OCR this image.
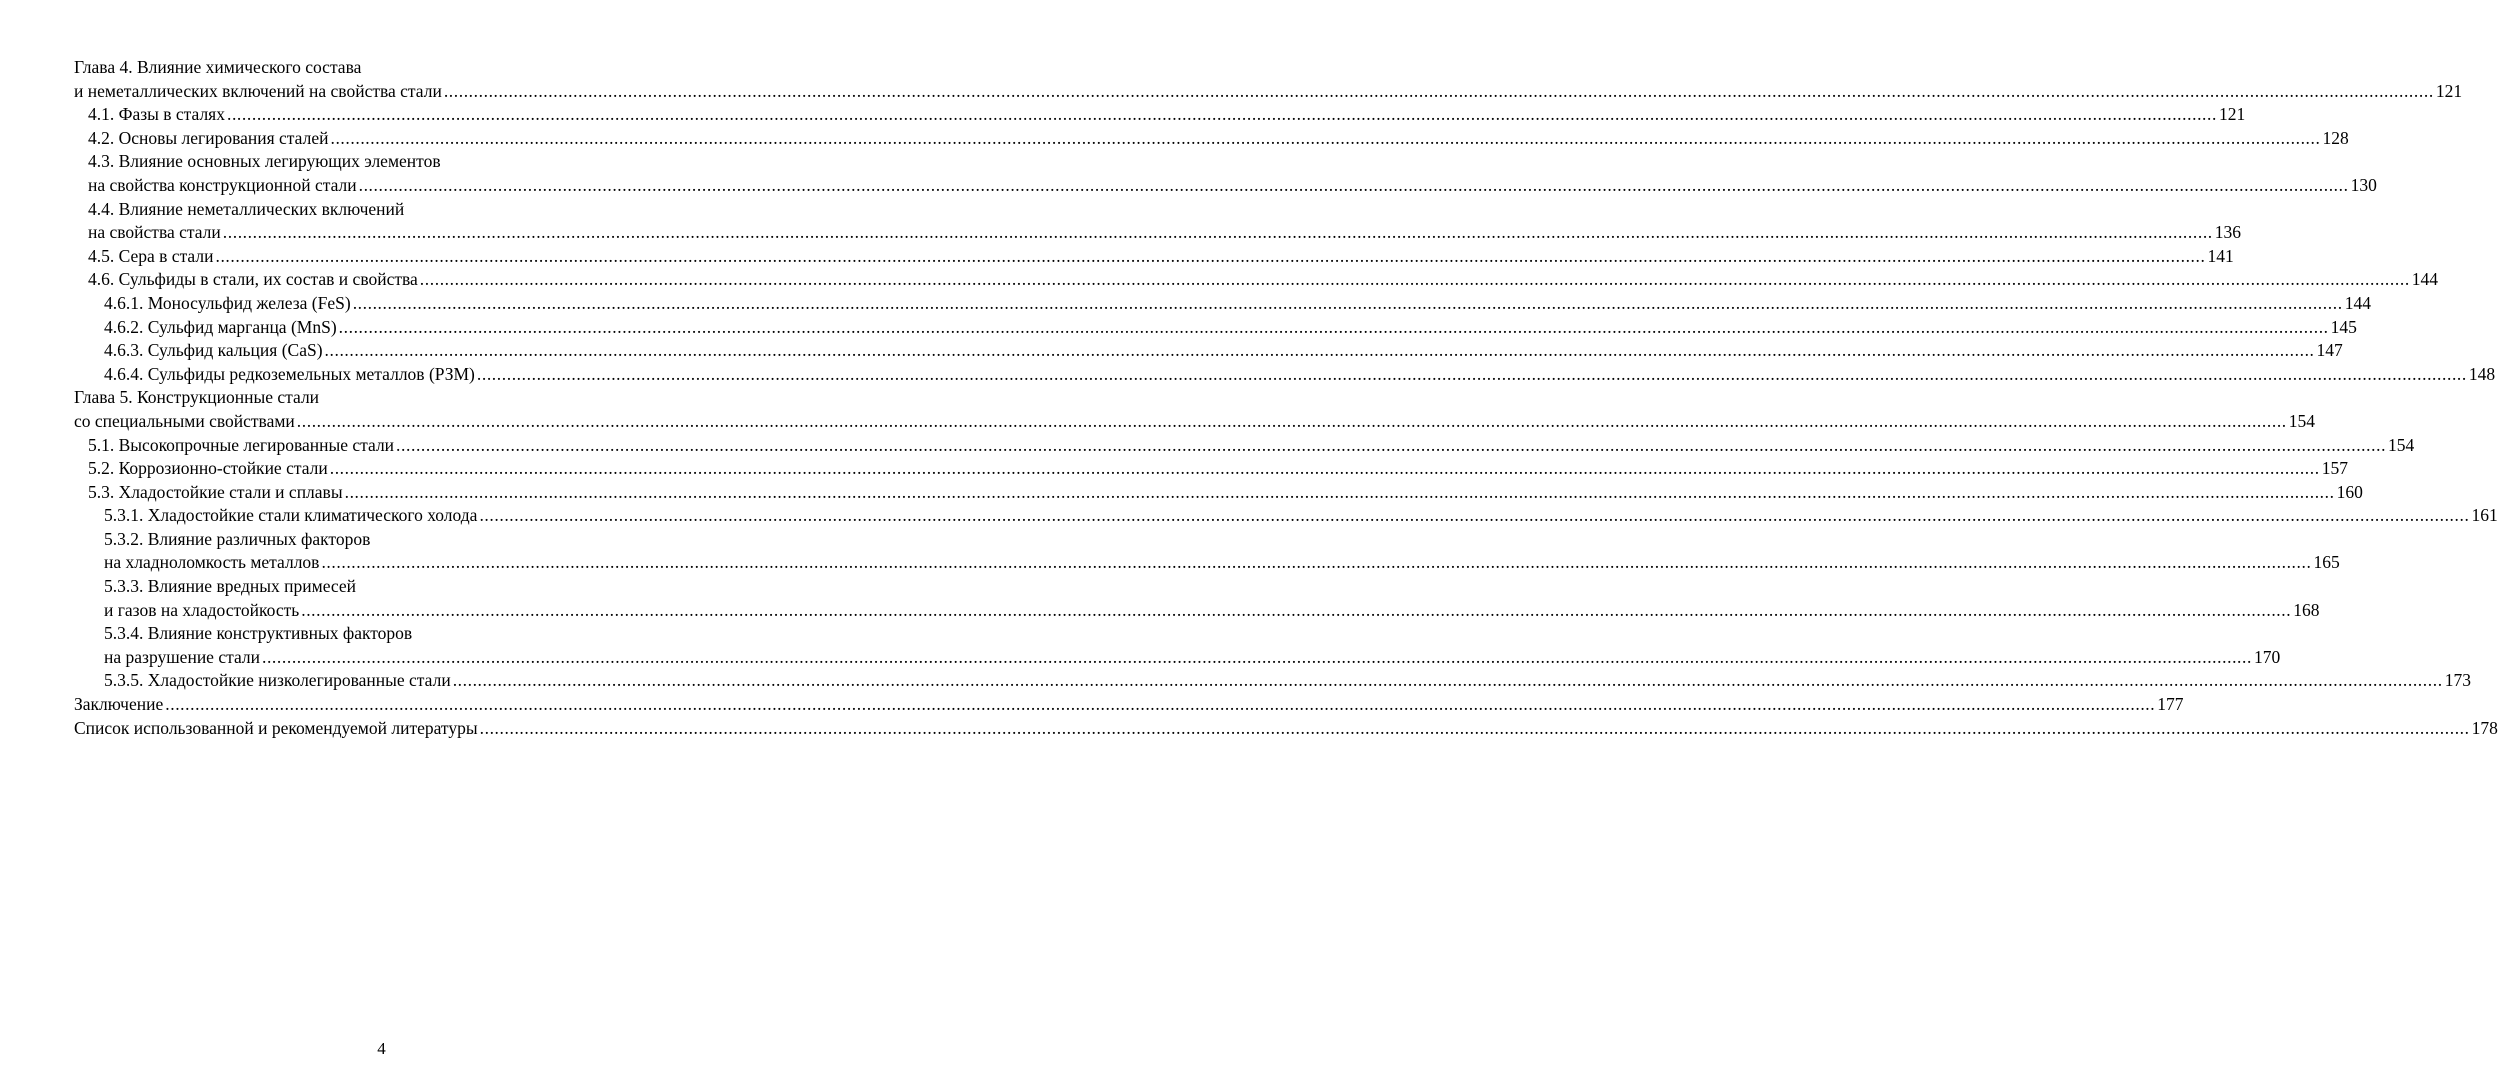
Глава 4. Влияние химического состава
и неметаллических включений на свойства стали ................................................................................................................................................................................................................................................................................................................................................................................................................ 121
4.1. Фазы в сталях ................................................................................................................................................................................................................................................................................................................................................................................................................ 121
4.2. Основы легирования сталей ................................................................................................................................................................................................................................................................................................................................................................................................................ 128
4.3. Влияние основных легирующих элементов
на свойства конструкционной стали ................................................................................................................................................................................................................................................................................................................................................................................................................ 130
4.4. Влияние неметаллических включений
на свойства стали ................................................................................................................................................................................................................................................................................................................................................................................................................ 136
4.5. Сера в стали ................................................................................................................................................................................................................................................................................................................................................................................................................ 141
4.6. Сульфиды в стали, их состав и свойства ................................................................................................................................................................................................................................................................................................................................................................................................................ 144
4.6.1. Моносульфид железа (FeS) ................................................................................................................................................................................................................................................................................................................................................................................................................ 144
4.6.2. Сульфид марганца (MnS) ................................................................................................................................................................................................................................................................................................................................................................................................................ 145
4.6.3. Сульфид кальция (CaS) ................................................................................................................................................................................................................................................................................................................................................................................................................ 147
4.6.4. Сульфиды редкоземельных металлов (РЗМ) ................................................................................................................................................................................................................................................................................................................................................................................................................ 148
Глава 5. Конструкционные стали
со специальными свойствами ................................................................................................................................................................................................................................................................................................................................................................................................................ 154
5.1. Высокопрочные легированные стали ................................................................................................................................................................................................................................................................................................................................................................................................................ 154
5.2. Коррозионно-стойкие стали ................................................................................................................................................................................................................................................................................................................................................................................................................ 157
5.3. Хладостойкие стали и сплавы ................................................................................................................................................................................................................................................................................................................................................................................................................ 160
5.3.1. Хладостойкие стали климатического холода ................................................................................................................................................................................................................................................................................................................................................................................................................ 161
5.3.2. Влияние различных факторов
на хладноломкость металлов ................................................................................................................................................................................................................................................................................................................................................................................................................ 165
5.3.3. Влияние вредных примесей
и газов на хладостойкость ................................................................................................................................................................................................................................................................................................................................................................................................................ 168
5.3.4. Влияние конструктивных факторов
на разрушение стали ................................................................................................................................................................................................................................................................................................................................................................................................................ 170
5.3.5. Хладостойкие низколегированные стали ................................................................................................................................................................................................................................................................................................................................................................................................................ 173
Заключение ................................................................................................................................................................................................................................................................................................................................................................................................................ 177
Список использованной и рекомендуемой литературы ................................................................................................................................................................................................................................................................................................................................................................................................................ 178
4
